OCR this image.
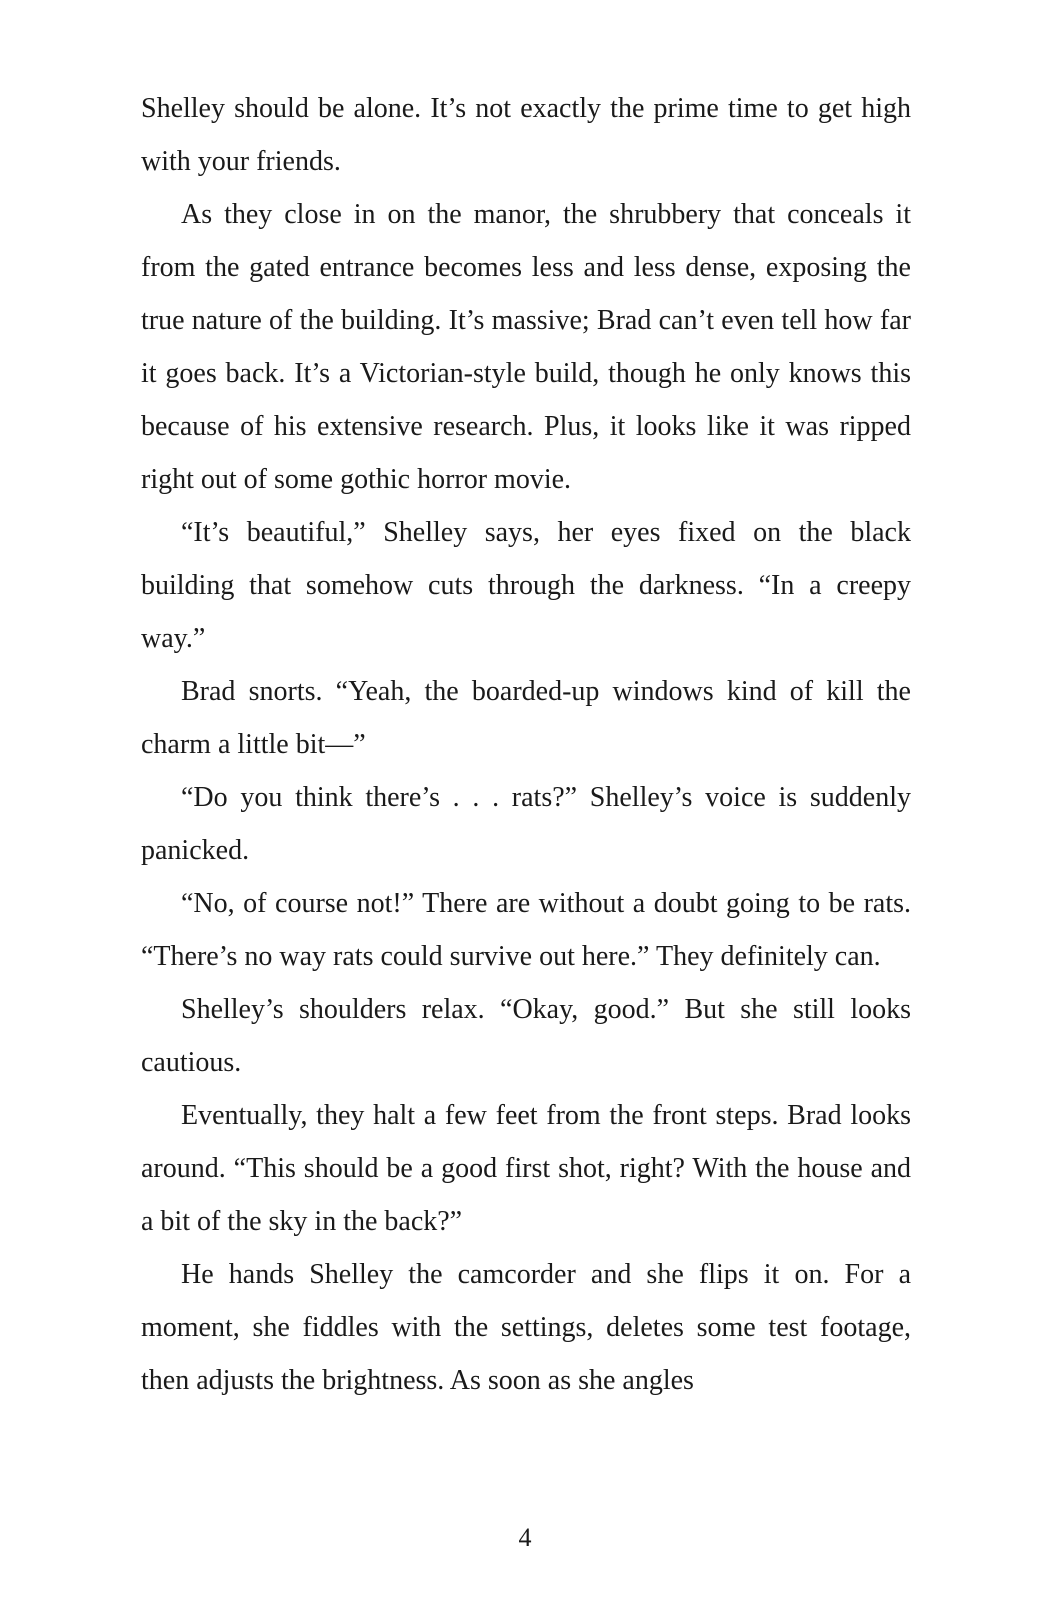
Shelley should be alone. It’s not exactly the prime time to get high with your friends.

As they close in on the manor, the shrubbery that conceals it from the gated entrance becomes less and less dense, exposing the true nature of the building. It’s massive; Brad can’t even tell how far it goes back. It’s a Victorian-style build, though he only knows this because of his extensive research. Plus, it looks like it was ripped right out of some gothic horror movie.

“It’s beautiful,” Shelley says, her eyes fixed on the black building that somehow cuts through the darkness. “In a creepy way.”

Brad snorts. “Yeah, the boarded-up windows kind of kill the charm a little bit—”

“Do you think there’s . . . rats?” Shelley’s voice is suddenly panicked.

“No, of course not!” There are without a doubt going to be rats. “There’s no way rats could survive out here.” They definitely can.

Shelley’s shoulders relax. “Okay, good.” But she still looks cautious.

Eventually, they halt a few feet from the front steps. Brad looks around. “This should be a good first shot, right? With the house and a bit of the sky in the back?”

He hands Shelley the camcorder and she flips it on. For a moment, she fiddles with the settings, deletes some test footage, then adjusts the brightness. As soon as she angles

4
